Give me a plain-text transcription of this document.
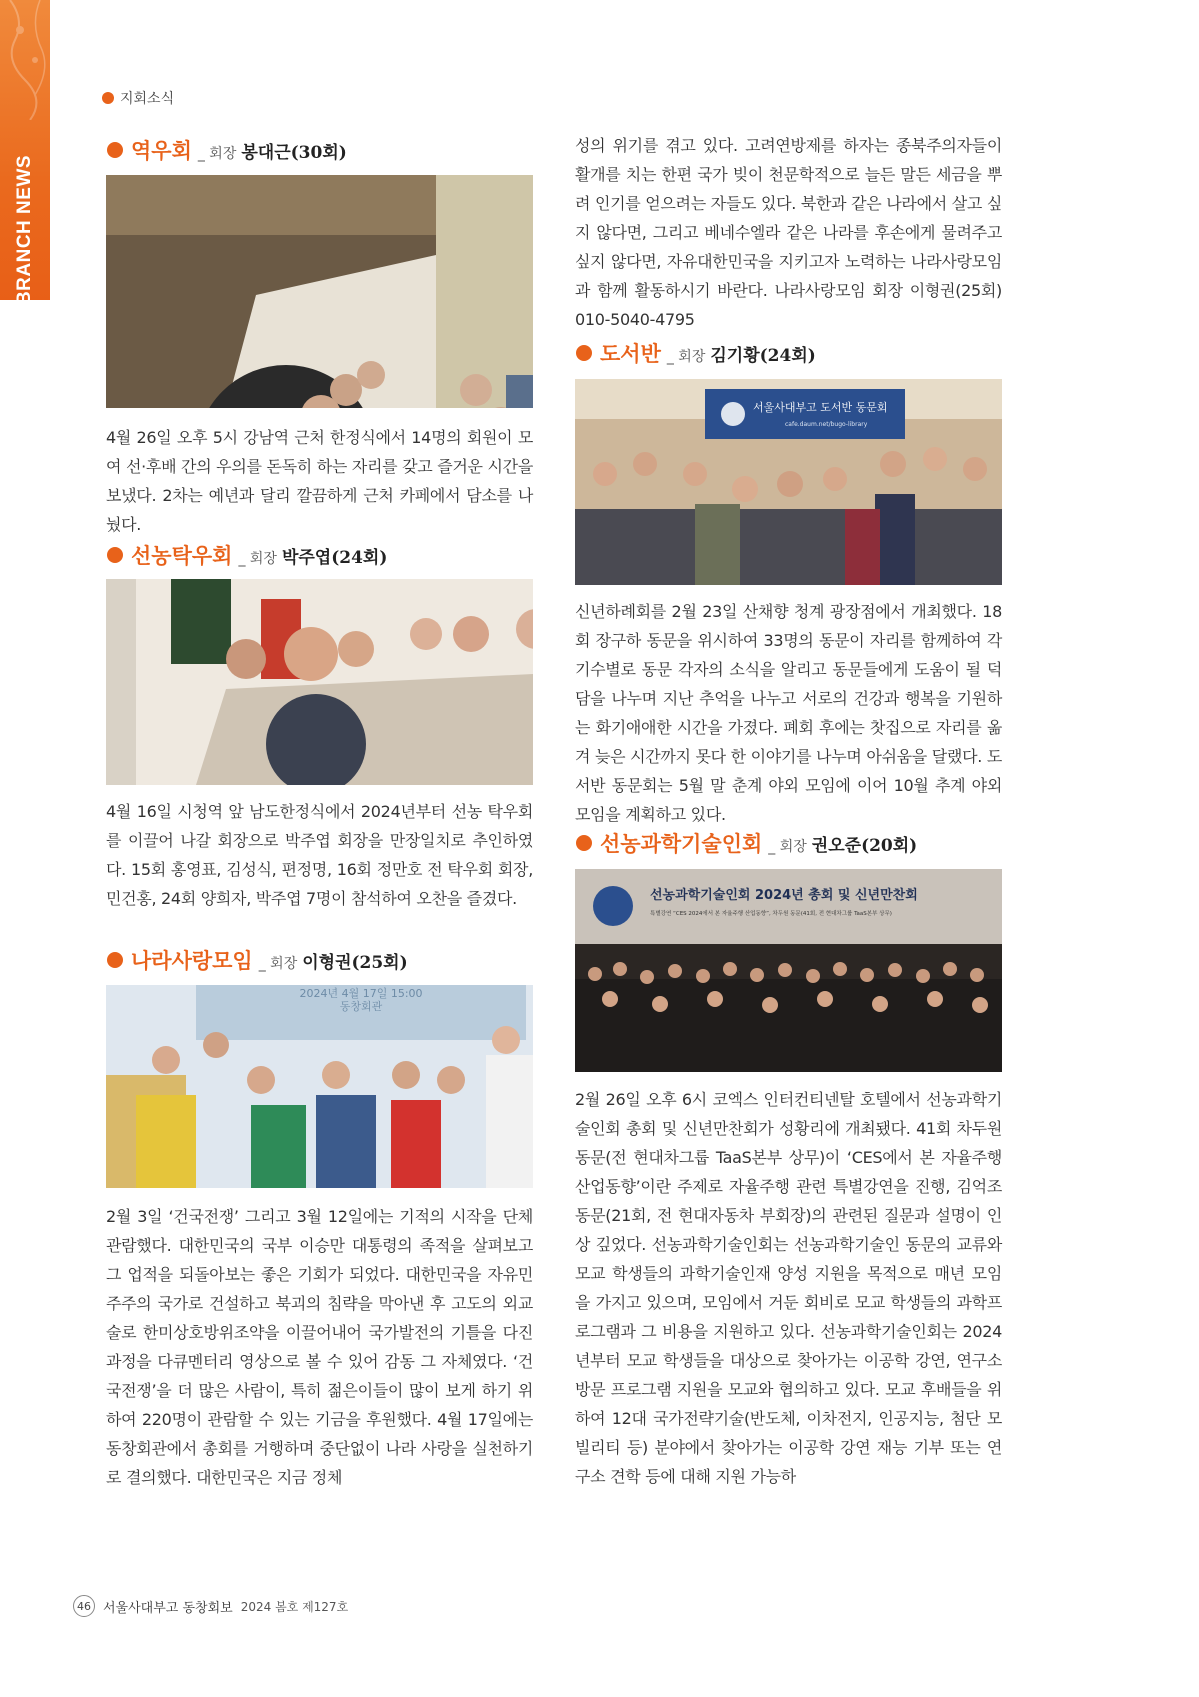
BRANCH NEWS
지회소식
역우회 _ 회장 봉대근(30회)

4월 26일 오후 5시 강남역 근처 한정식에서 14명의 회원이 모여 선·후배 간의 우의를 돈독히 하는 자리를 갖고 즐거운 시간을 보냈다. 2차는 예년과 달리 깔끔하게 근처 카페에서 담소를 나눴다.

선농탁우회 _ 회장 박주엽(24회)

4월 16일 시청역 앞 남도한정식에서 2024년부터 선농 탁우회를 이끌어 나갈 회장으로 박주엽 회장을 만장일치로 추인하였다. 15회 홍영표, 김성식, 편정명, 16회 정만호 전 탁우회 회장, 민건홍, 24회 양희자, 박주엽 7명이 참석하여 오찬을 즐겼다.

나라사랑모임 _ 회장 이형권(25회)
2024년 4월 17일 15:00
동창회관

2월 3일 ‘건국전쟁’ 그리고 3월 12일에는 기적의 시작을 단체 관람했다. 대한민국의 국부 이승만 대통령의 족적을 살펴보고 그 업적을 되돌아보는 좋은 기회가 되었다. 대한민국을 자유민주주의 국가로 건설하고 북괴의 침략을 막아낸 후 고도의 외교술로 한미상호방위조약을 이끌어내어 국가발전의 기틀을 다진 과정을 다큐멘터리 영상으로 볼 수 있어 감동 그 자체였다. ‘건국전쟁’을 더 많은 사람이, 특히 젊은이들이 많이 보게 하기 위하여 220명이 관람할 수 있는 기금을 후원했다. 4월 17일에는 동창회관에서 총회를 거행하며 중단없이 나라 사랑을 실천하기로 결의했다. 대한민국은 지금 정체

성의 위기를 겪고 있다. 고려연방제를 하자는 종북주의자들이 활개를 치는 한편 국가 빚이 천문학적으로 늘든 말든 세금을 뿌려 인기를 얻으려는 자들도 있다. 북한과 같은 나라에서 살고 싶지 않다면, 그리고 베네수엘라 같은 나라를 후손에게 물려주고 싶지 않다면, 자유대한민국을 지키고자 노력하는 나라사랑모임과 함께 활동하시기 바란다. 나라사랑모임 회장 이형권(25회) 010-5040-4795

도서반 _ 회장 김기황(24회)
서울사대부고 도서반 동문회
cafe.daum.net/bugo-library

신년하례회를 2월 23일 산채향 청계 광장점에서 개최했다. 18회 장구하 동문을 위시하여 33명의 동문이 자리를 함께하여 각 기수별로 동문 각자의 소식을 알리고 동문들에게 도움이 될 덕담을 나누며 지난 추억을 나누고 서로의 건강과 행복을 기원하는 화기애애한 시간을 가졌다. 폐회 후에는 찻집으로 자리를 옮겨 늦은 시간까지 못다 한 이야기를 나누며 아쉬움을 달랬다. 도서반 동문회는 5월 말 춘계 야외 모임에 이어 10월 추계 야외 모임을 계획하고 있다.

선농과학기술인회 _ 회장 권오준(20회)
선농과학기술인회 2024년 총회 및 신년만찬회
특별강연 “CES 2024에서 본 자율주행 산업동향”, 차두원 동문(41회, 전 현대차그룹 TaaS본부 상무)

2월 26일 오후 6시 코엑스 인터컨티넨탈 호텔에서 선농과학기술인회 총회 및 신년만찬회가 성황리에 개최됐다. 41회 차두원 동문(전 현대차그룹 TaaS본부 상무)이 ‘CES에서 본 자율주행 산업동향’이란 주제로 자율주행 관련 특별강연을 진행, 김억조 동문(21회, 전 현대자동차 부회장)의 관련된 질문과 설명이 인상 깊었다. 선농과학기술인회는 선농과학기술인 동문의 교류와 모교 학생들의 과학기술인재 양성 지원을 목적으로 매년 모임을 가지고 있으며, 모임에서 거둔 회비로 모교 학생들의 과학프로그램과 그 비용을 지원하고 있다. 선농과학기술인회는 2024년부터 모교 학생들을 대상으로 찾아가는 이공학 강연, 연구소 방문 프로그램 지원을 모교와 협의하고 있다. 모교 후배들을 위하여 12대 국가전략기술(반도체, 이차전지, 인공지능, 첨단 모빌리티 등) 분야에서 찾아가는 이공학 강연 재능 기부 또는 연구소 견학 등에 대해 지원 가능하

46 서울사대부고 동창회보 2024 봄호 제127호
